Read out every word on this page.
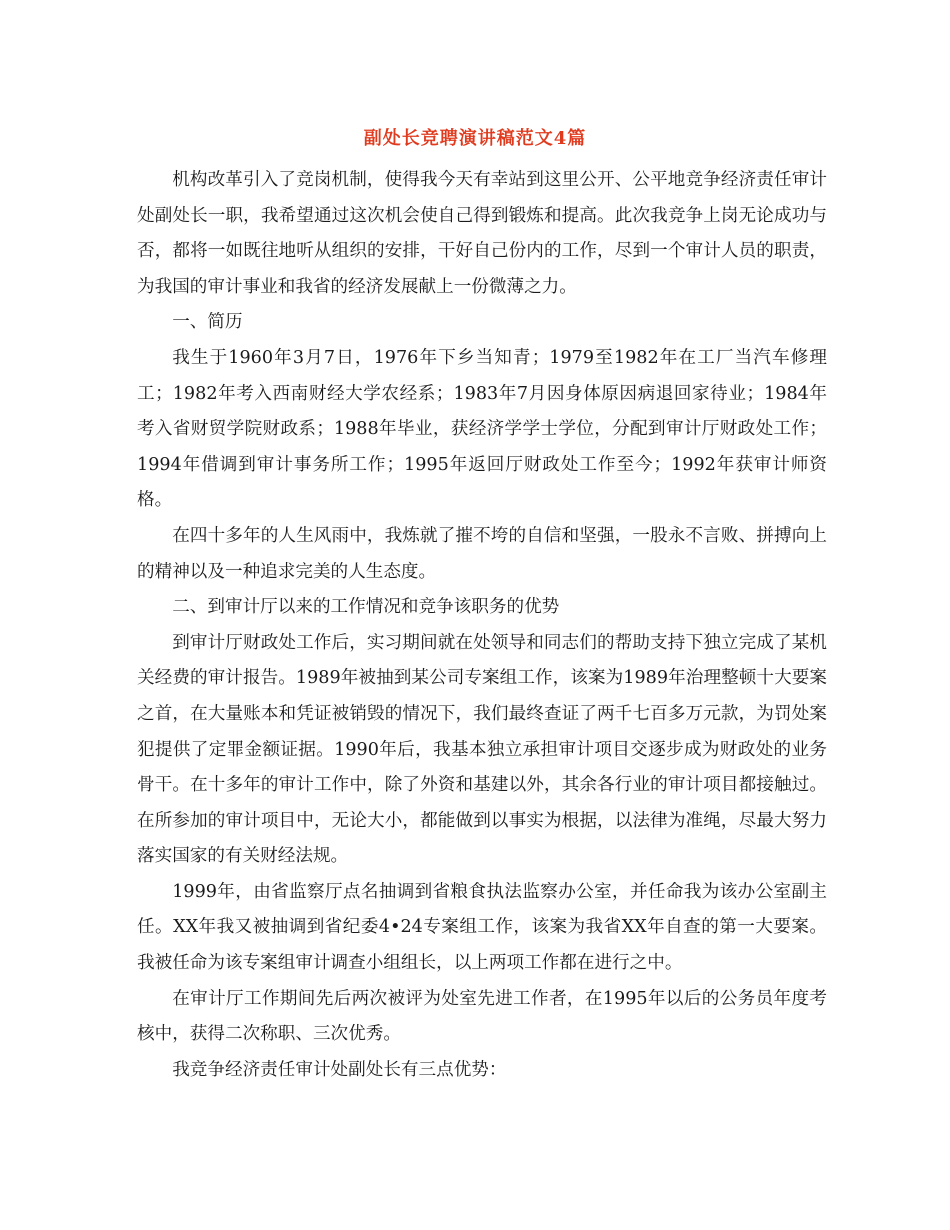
副处长竞聘演讲稿范文4篇

机构改革引入了竞岗机制，使得我今天有幸站到这里公开、公平地竞争经济责任审计处副处长一职，我希望通过这次机会使自己得到锻炼和提高。此次我竞争上岗无论成功与否，都将一如既往地听从组织的安排，干好自己份内的工作，尽到一个审计人员的职责，为我国的审计事业和我省的经济发展献上一份微薄之力。

一、简历

我生于1960年3月7日，1976年下乡当知青；1979至1982年在工厂当汽车修理工；1982年考入西南财经大学农经系；1983年7月因身体原因病退回家待业；1984年考入省财贸学院财政系；1988年毕业，获经济学学士学位，分配到审计厅财政处工作；1994年借调到审计事务所工作；1995年返回厅财政处工作至今；1992年获审计师资格。

在四十多年的人生风雨中，我炼就了摧不垮的自信和坚强，一股永不言败、拼搏向上的精神以及一种追求完美的人生态度。

二、到审计厅以来的工作情况和竞争该职务的优势

到审计厅财政处工作后，实习期间就在处领导和同志们的帮助支持下独立完成了某机关经费的审计报告。1989年被抽到某公司专案组工作，该案为1989年治理整顿十大要案之首，在大量账本和凭证被销毁的情况下，我们最终查证了两千七百多万元款，为罚处案犯提供了定罪金额证据。1990年后，我基本独立承担审计项目交逐步成为财政处的业务骨干。在十多年的审计工作中，除了外资和基建以外，其余各行业的审计项目都接触过。在所参加的审计项目中，无论大小，都能做到以事实为根据，以法律为准绳，尽最大努力落实国家的有关财经法规。

1999年，由省监察厅点名抽调到省粮食执法监察办公室，并任命我为该办公室副主任。XX年我又被抽调到省纪委4•24专案组工作，该案为我省XX年自查的第一大要案。我被任命为该专案组审计调查小组组长，以上两项工作都在进行之中。

在审计厅工作期间先后两次被评为处室先进工作者，在1995年以后的公务员年度考核中，获得二次称职、三次优秀。

我竞争经济责任审计处副处长有三点优势：
